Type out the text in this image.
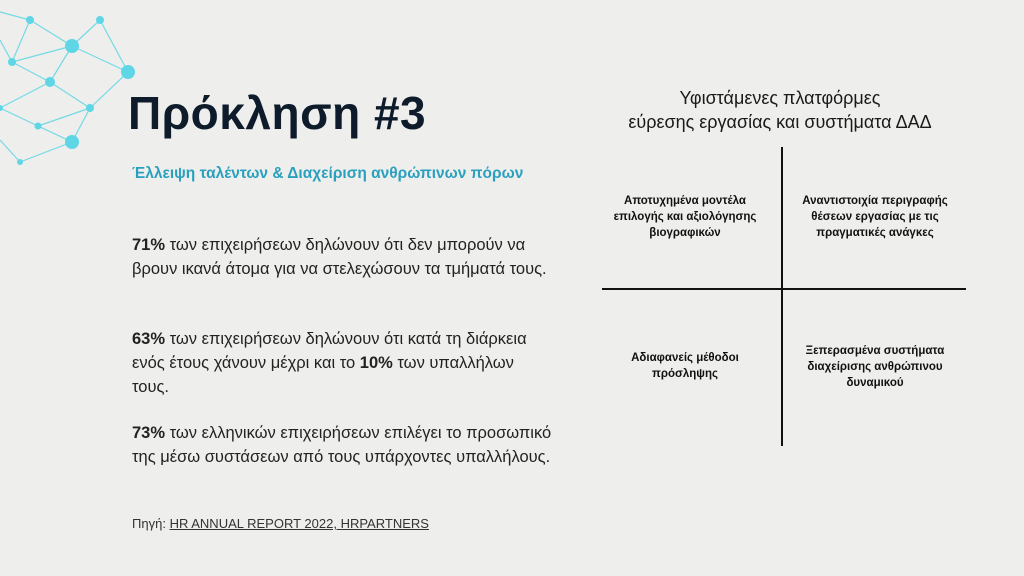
Πρόκληση #3
Έλλειψη ταλέντων & Διαχείριση ανθρώπινων πόρων

71% των επιχειρήσεων δηλώνουν ότι δεν μπορούν να βρουν ικανά άτομα για να στελεχώσουν τα τμήματά τους.

63% των επιχειρήσεων δηλώνουν ότι κατά τη διάρκεια ενός έτους χάνουν μέχρι και το 10% των υπαλλήλων τους.

73% των ελληνικών επιχειρήσεων επιλέγει το προσωπικό της μέσω συστάσεων από τους υπάρχοντες υπαλλήλους.

Πηγή: HR ANNUAL REPORT 2022, HRPARTNERS
Υφιστάμενες πλατφόρμες
εύρεσης εργασίας και συστήματα ΔΑΔ
Αποτυχημένα μοντέλα επιλογής και αξιολόγησης βιογραφικών
Αναντιστοιχία περιγραφής θέσεων εργασίας με τις πραγματικές ανάγκες
Αδιαφανείς μέθοδοι πρόσληψης
Ξεπερασμένα συστήματα διαχείρισης ανθρώπινου δυναμικού
